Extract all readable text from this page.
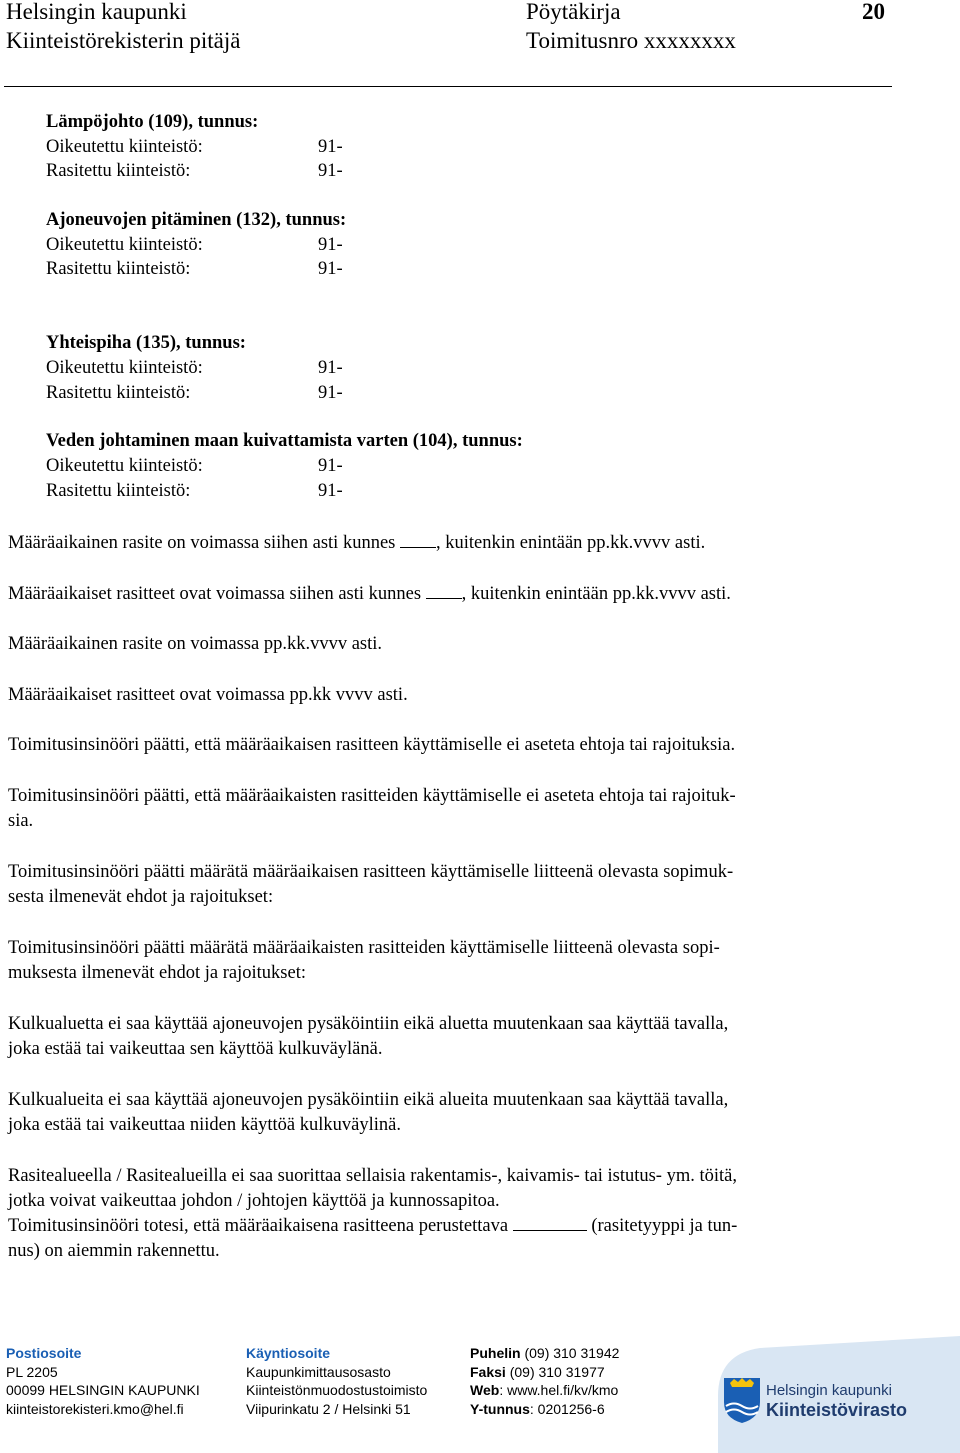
Helsingin kaupunki
Kiinteistörekisterin pitäjä
Pöytäkirja
Toimitusnro xxxxxxxx
20
Lämpöjohto (109), tunnus:
Oikeutettu kiinteistö:	91-
Rasitettu kiinteistö:	91-
Ajoneuvojen pitäminen (132), tunnus:
Oikeutettu kiinteistö:	91-
Rasitettu kiinteistö:	91-
Yhteispiha (135), tunnus:
Oikeutettu kiinteistö:	91-
Rasitettu kiinteistö:	91-
Veden johtaminen maan kuivattamista varten (104), tunnus:
Oikeutettu kiinteistö:	91-
Rasitettu kiinteistö:	91-
Määräaikainen rasite on voimassa siihen asti kunnes , kuitenkin enintään pp.kk.vvvv asti.
Määräaikaiset rasitteet ovat voimassa siihen asti kunnes , kuitenkin enintään pp.kk.vvvv asti.
Määräaikainen rasite on voimassa pp.kk.vvvv asti.
Määräaikaiset rasitteet ovat voimassa pp.kk vvvv asti.
Toimitusinsinööri päätti, että määräaikaisen rasitteen käyttämiselle ei aseteta ehtoja tai rajoituksia.
Toimitusinsinööri päätti, että määräaikaisten rasitteiden käyttämiselle ei aseteta ehtoja tai rajoituk-
sia.
Toimitusinsinööri päätti määrätä määräaikaisen rasitteen käyttämiselle liitteenä olevasta sopimuk-
sesta ilmenevät ehdot ja rajoitukset:
Toimitusinsinööri päätti määrätä määräaikaisten rasitteiden käyttämiselle liitteenä olevasta sopi-
muksesta ilmenevät ehdot ja rajoitukset:
Kulkualuetta ei saa käyttää ajoneuvojen pysäköintiin eikä aluetta muutenkaan saa käyttää tavalla,
joka estää tai vaikeuttaa sen käyttöä kulkuväylänä.
Kulkualueita ei saa käyttää ajoneuvojen pysäköintiin eikä alueita muutenkaan saa käyttää tavalla,
joka estää tai vaikeuttaa niiden käyttöä kulkuväylinä.
Rasitealueella / Rasitealueilla ei saa suorittaa sellaisia rakentamis-, kaivamis- tai istutus- ym. töitä,
jotka voivat vaikeuttaa johdon / johtojen käyttöä ja kunnossapitoa.
Toimitusinsinööri totesi, että määräaikaisena rasitteena perustettava	(rasitetyyppi ja tun-
nus) on aiemmin rakennettu.
Postiosoite
PL 2205
00099 HELSINGIN KAUPUNKI
kiinteistorekisteri.kmo@hel.fi
Käyntiosoite
Kaupunkimittausosasto
Kiinteistönmuodostustoimisto
Viipurinkatu 2 / Helsinki 51
Puhelin (09) 310 31942
Faksi (09) 310 31977
Web: www.hel.fi/kv/kmo
Y-tunnus: 0201256-6
Helsingin kaupunki
Kiinteistövirasto
